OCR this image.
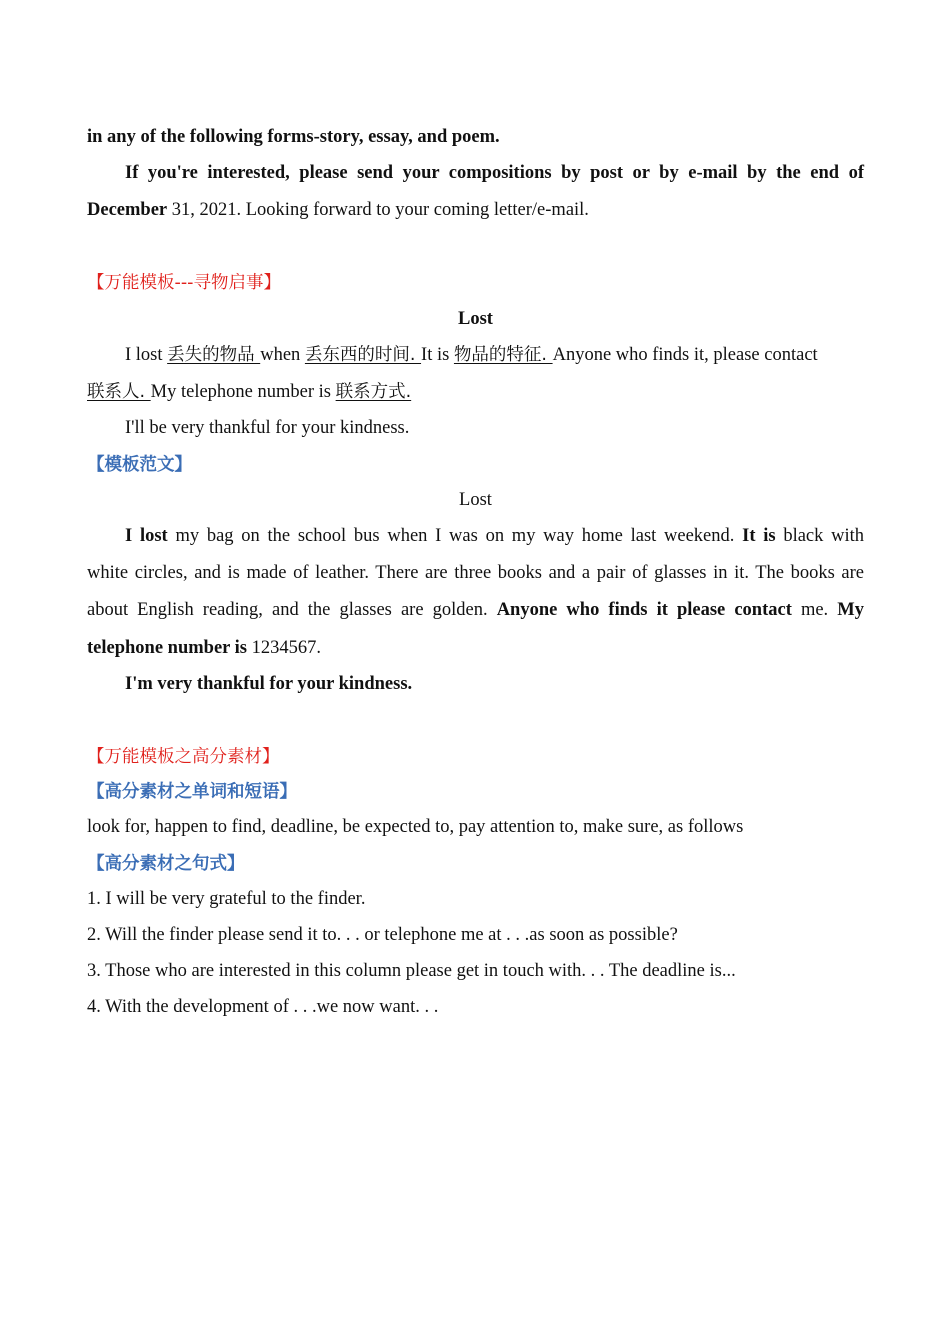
in any of the following forms-story, essay, and poem.
If you're interested, please send your compositions by post or by e-mail by the end of
December 31, 2021. Looking forward to your coming letter/e-mail.
【万能模板---寻物启事】
Lost
I lost 丢失的物品 when 丢东西的时间. It is 物品的特征. Anyone who finds it, please contact
联系人. My telephone number is 联系方式.
I'll be very thankful for your kindness.
【模板范文】
Lost
I lost my bag on the school bus when I was on my way home last weekend. It is black with
white circles, and is made of leather. There are three books and a pair of glasses in it. The books are
about English reading, and the glasses are golden. Anyone who finds it please contact me. My
telephone number is 1234567.
I'm very thankful for your kindness.
【万能模板之高分素材】
【高分素材之单词和短语】
look for, happen to find, deadline, be expected to, pay attention to, make sure, as follows
【高分素材之句式】
1. I will be very grateful to the finder.
2. Will the finder please send it to. . . or telephone me at . . .as soon as possible?
3. Those who are interested in this column please get in touch with. . . The deadline is...
4. With the development of . . .we now want. . .
